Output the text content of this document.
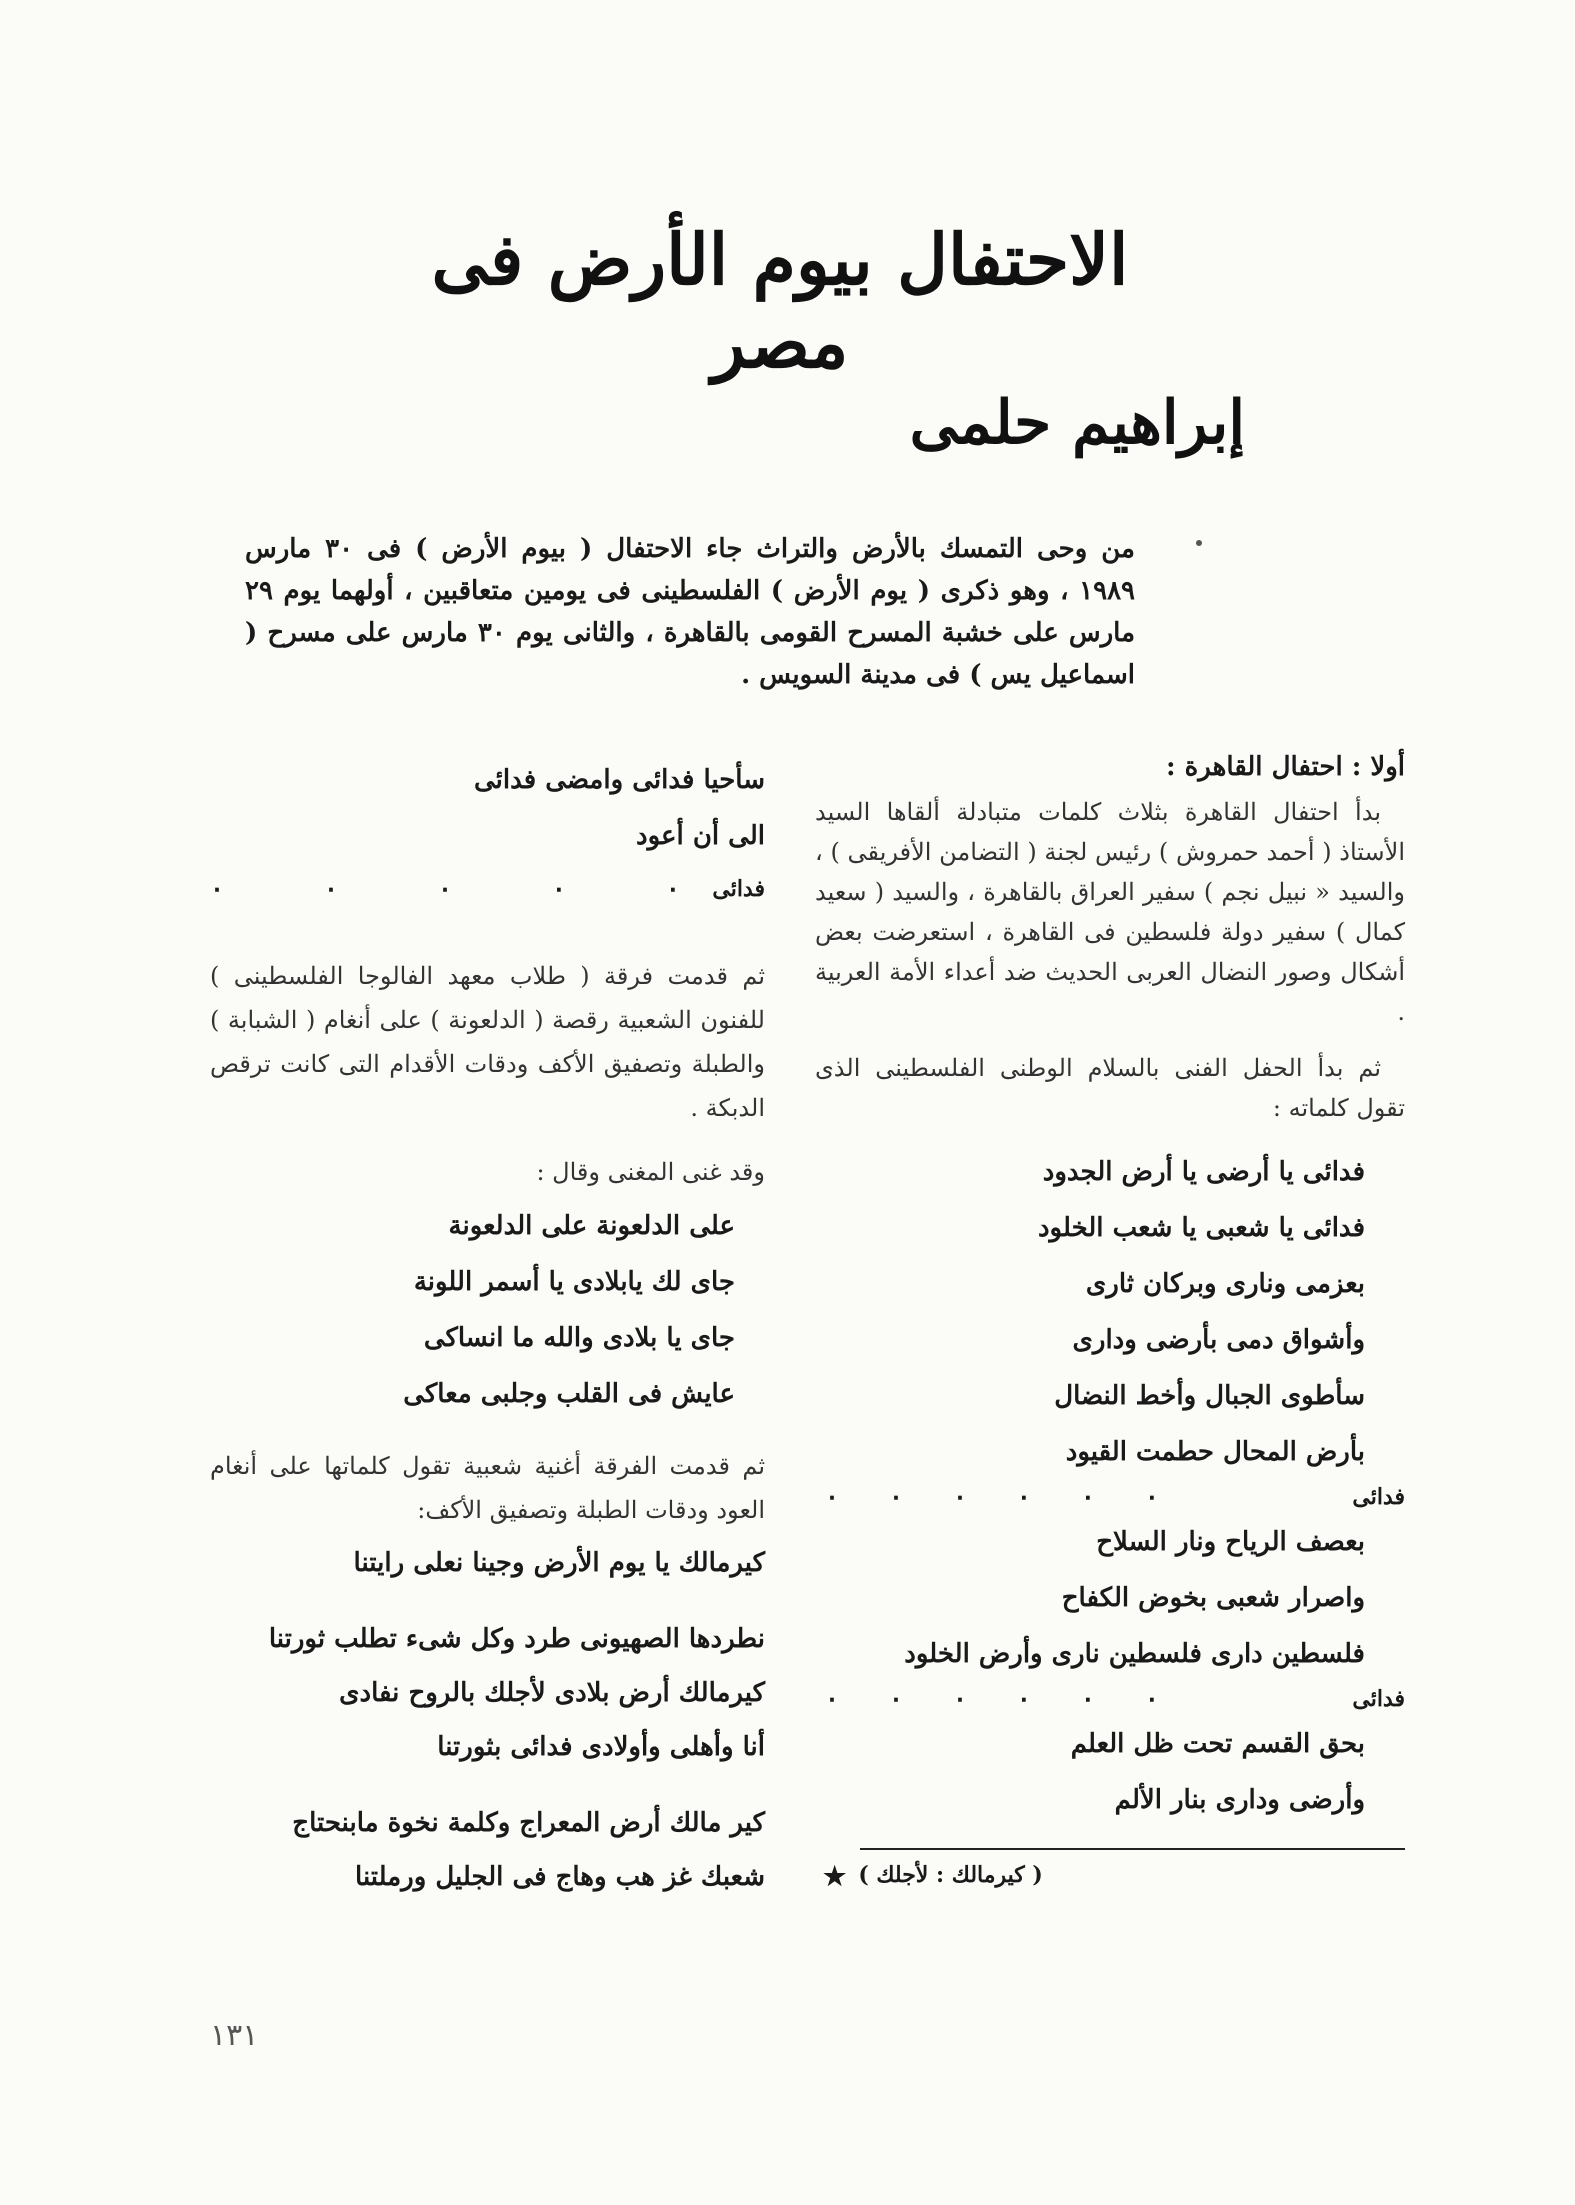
الاحتفال بيوم الأرض فى مصر
إبراهيم حلمى

من وحى التمسك بالأرض والتراث جاء الاحتفال ( بيوم الأرض ) فى ٣٠ مارس ١٩٨٩ ، وهو ذكرى ( يوم الأرض ) الفلسطينى فى يومين متعاقبين ، أولهما يوم ٢٩ مارس على خشبة المسرح القومى بالقاهرة ، والثانى يوم ٣٠ مارس على مسرح ( اسماعيل يس ) فى مدينة السويس .

أولا : احتفال القاهرة :

بدأ احتفال القاهرة بثلاث كلمات متبادلة ألقاها السيد الأستاذ ( أحمد حمروش ) رئيس لجنة ( التضامن الأفريقى ) ، والسيد « نبيل نجم ) سفير العراق بالقاهرة ، والسيد ( سعيد كمال ) سفير دولة فلسطين فى القاهرة ، استعرضت بعض أشكال وصور النضال العربى الحديث ضد أعداء الأمة العربية .

ثم بدأ الحفل الفنى بالسلام الوطنى الفلسطينى الذى تقول كلماته :

فدائى يا أرضى يا أرض الجدود
فدائى يا شعبى يا شعب الخلود
بعزمى ونارى وبركان ثارى
وأشواق دمى بأرضى ودارى
سأطوى الجبال وأخط النضال
بأرض المحال حطمت القيود
فدائى
٠
٠
٠
٠
٠
٠
بعصف الرياح ونار السلاح
واصرار شعبى بخوض الكفاح
فلسطين دارى فلسطين نارى وأرض الخلود
فدائى
٠
٠
٠
٠
٠
٠
بحق القسم تحت ظل العلم
وأرضى ودارى بنار الألم
( كيرمالك : لأجلك )
★
سأحيا فدائى وامضى فدائى
الى أن أعود
فدائى
٠
٠
٠
٠
٠

ثم قدمت فرقة ( طلاب معهد الفالوجا الفلسطينى ) للفنون الشعبية رقصة ( الدلعونة ) على أنغام ( الشبابة ) والطبلة وتصفيق الأكف ودقات الأقدام التى كانت ترقص الدبكة .

وقد غنى المغنى وقال :

على الدلعونة على الدلعونة
جاى لك يابلادى يا أسمر اللونة
جاى يا بلادى والله ما انساكى
عايش فى القلب وجلبى معاكى

ثم قدمت الفرقة أغنية شعبية تقول كلماتها على أنغام العود ودقات الطبلة وتصفيق الأكف:

كيرمالك يا يوم الأرض وجينا نعلى رايتنا
نطردها الصهيونى طرد وكل شىء تطلب ثورتنا
كيرمالك أرض بلادى لأجلك بالروح نفادى
أنا وأهلى وأولادى فدائى بثورتنا
كير مالك أرض المعراج وكلمة نخوة مابنحتاج
شعبك غز هب وهاج فى الجليل ورملتنا
١٣١
